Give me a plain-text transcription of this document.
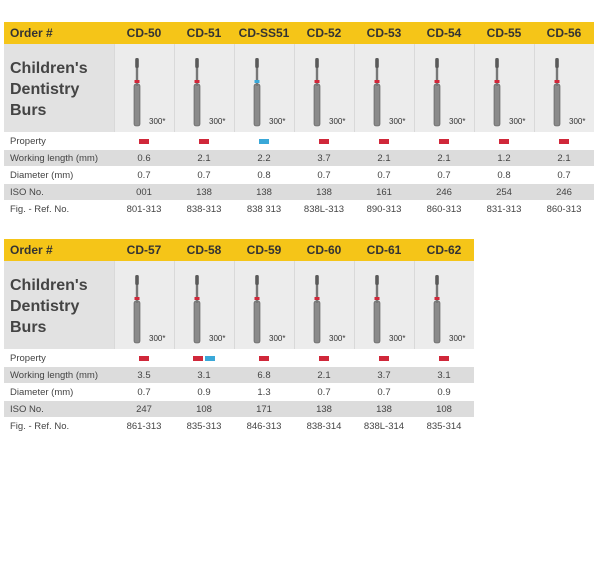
Order #	CD-50	CD-51	CD-SS51	CD-52	CD-53	CD-54	CD-55	CD-56
Children's
Dentistry
Burs
300*	300*	300*	300*	300*	300*	300*	300*
Property
Working length (mm)	0.6	2.1	2.2	3.7	2.1	2.1	1.2	2.1
Diameter (mm)	0.7	0.7	0.8	0.7	0.7	0.7	0.8	0.7
ISO No.	001	138	138	138	161	246	254	246
Fig. - Ref. No.	801-313	838-313	838 313	838L-313	890-313	860-313	831-313	860-313
Order #	CD-57	CD-58	CD-59	CD-60	CD-61	CD-62
Children's
Dentistry
Burs
300*	300*	300*	300*	300*	300*
Property
Working length (mm)	3.5	3.1	6.8	2.1	3.7	3.1
Diameter (mm)	0.7	0.9	1.3	0.7	0.7	0.9
ISO No.	247	108	171	138	138	108
Fig. - Ref. No.	861-313	835-313	846-313	838-314	838L-314	835-314
